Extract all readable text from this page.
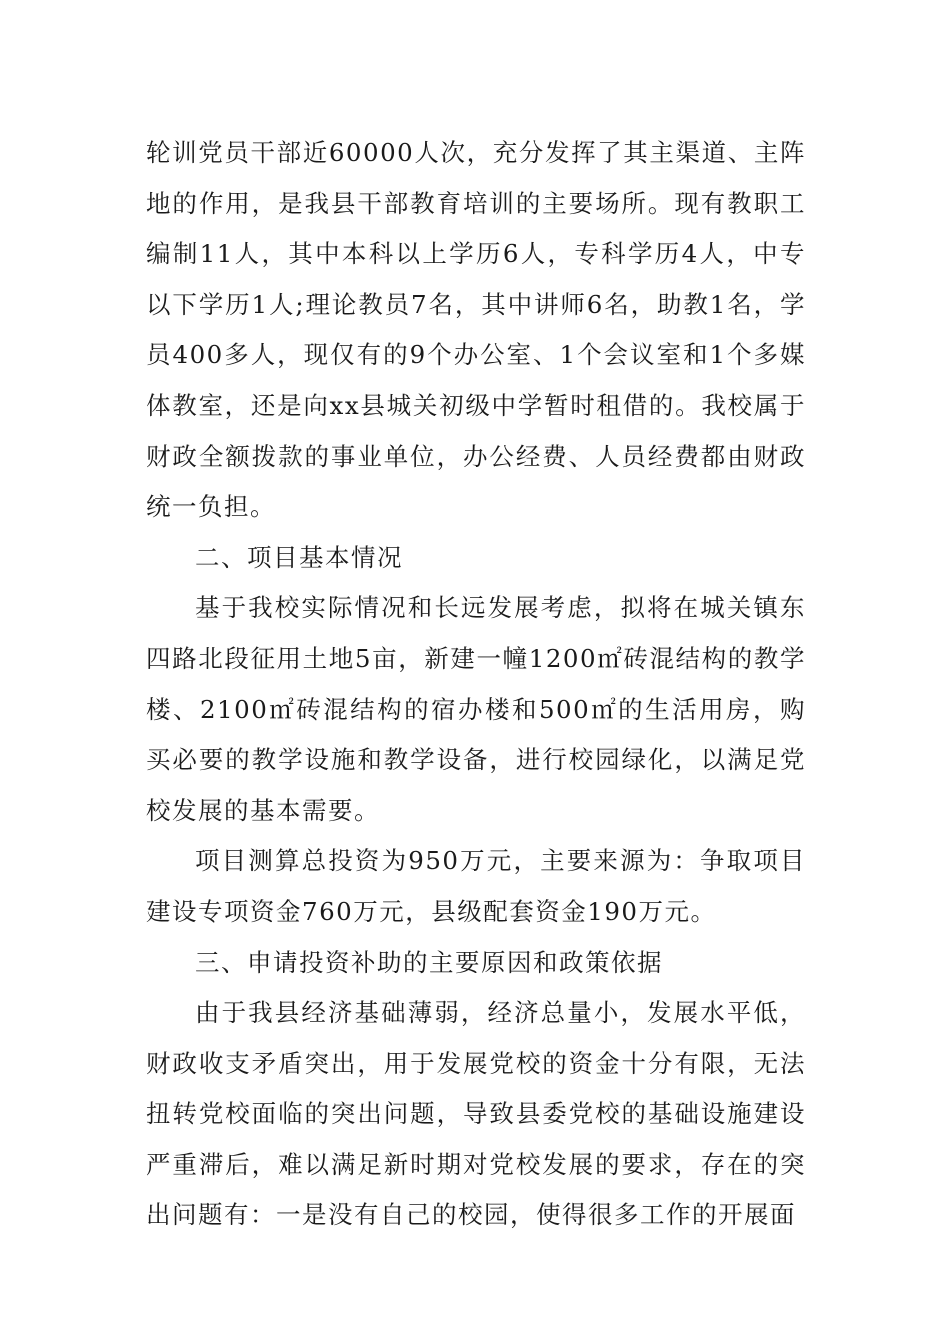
轮训党员干部近60000人次，充分发挥了其主渠道、主阵地的作用，是我县干部教育培训的主要场所。现有教职工编制11人，其中本科以上学历6人，专科学历4人，中专以下学历1人;理论教员7名，其中讲师6名，助教1名，学员400多人，现仅有的9个办公室、1个会议室和1个多媒体教室，还是向xx县城关初级中学暂时租借的。我校属于财政全额拨款的事业单位，办公经费、人员经费都由财政统一负担。

二、项目基本情况

基于我校实际情况和长远发展考虑，拟将在城关镇东四路北段征用土地5亩，新建一幢1200㎡砖混结构的教学楼、2100㎡砖混结构的宿办楼和500㎡的生活用房，购买必要的教学设施和教学设备，进行校园绿化，以满足党校发展的基本需要。

项目测算总投资为950万元，主要来源为：争取项目建设专项资金760万元，县级配套资金190万元。

三、申请投资补助的主要原因和政策依据

由于我县经济基础薄弱，经济总量小，发展水平低，财政收支矛盾突出，用于发展党校的资金十分有限，无法扭转党校面临的突出问题，导致县委党校的基础设施建设严重滞后，难以满足新时期对党校发展的要求，存在的突出问题有：一是没有自己的校园，使得很多工作的开展面
